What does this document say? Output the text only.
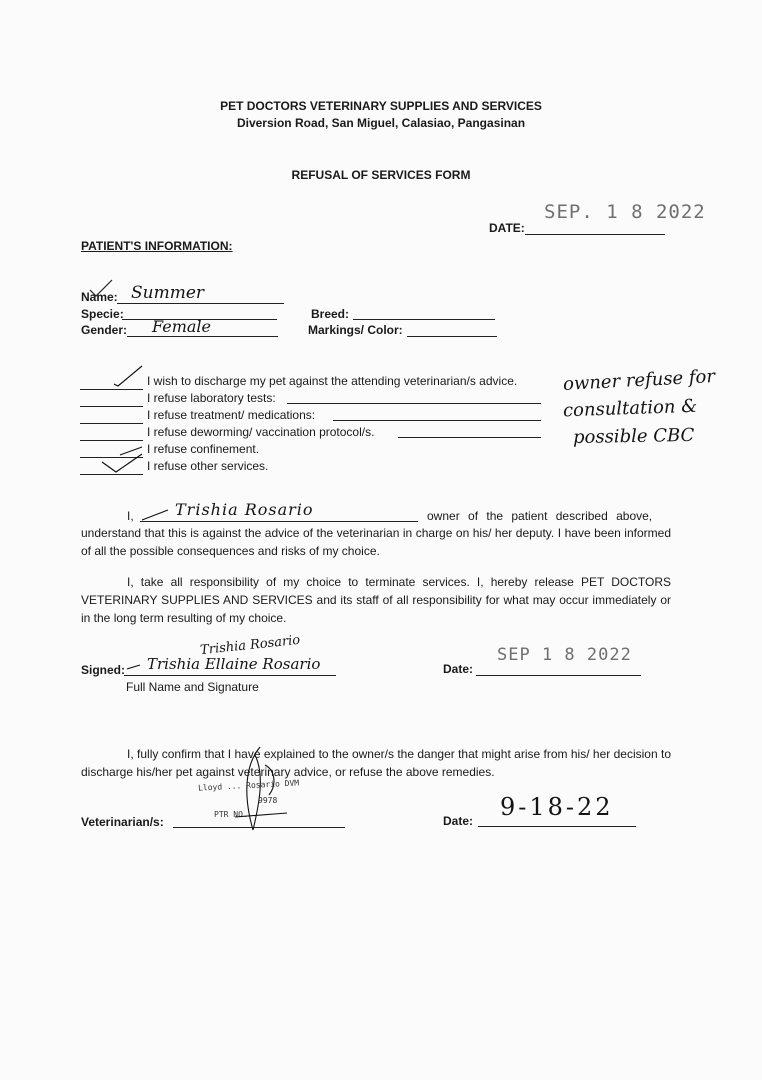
PET DOCTORS VETERINARY SUPPLIES AND SERVICES
Diversion Road, San Miguel, Calasiao, Pangasinan
REFUSAL OF SERVICES FORM
SEP. 1 8 2022
DATE:
PATIENT'S INFORMATION:
Name: Summer
Specie:
Gender: Female
Breed:
Markings/ Color:
I wish to discharge my pet against the attending veterinarian/s advice.
I refuse laboratory tests:
I refuse treatment/ medications:
I refuse deworming/ vaccination protocol/s.
I refuse confinement.
I refuse other services.
owner refuse for
consultation &
possible CBC
I,	Trishia Rosario	owner of the patient described above,

understand that this is against the advice of the veterinarian in charge on his/ her deputy. I have been informed of all the possible consequences and risks of my choice.

I, take all responsibility of my choice to terminate services. I, hereby release PET DOCTORS VETERINARY SUPPLIES AND SERVICES and its staff of all responsibility for what may occur immediately or in the long term resulting of my choice.

Trishia Rosario
Signed: Trishia Ellaine Rosario
Full Name and Signature
SEP 1 8 2022
Date:

I, fully confirm that I have explained to the owner/s the danger that might arise from his/ her decision to discharge his/her pet against veterinary advice, or refuse the above remedies.

Lloyd ... Rosario DVM
9978
PTR NO.
Veterinarian/s:
9-18-22
Date:
